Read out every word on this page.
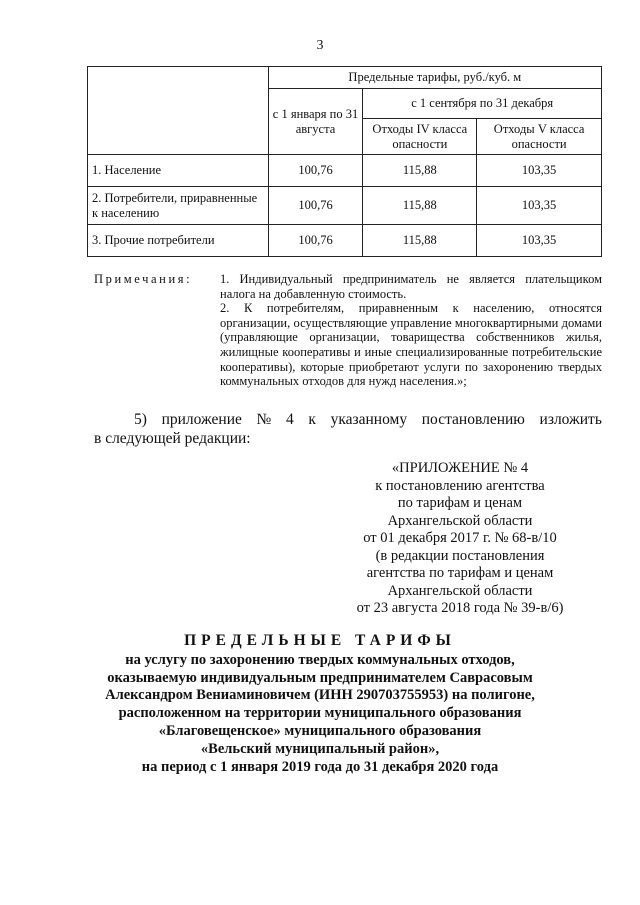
3
	Предельные тарифы, руб./куб. м		
	с 1 января по 31 августа	с 1 сентября по 31 декабря	
		Отходы IV класса опасности	Отходы V класса опасности
1. Население	100,76	115,88	103,35
2. Потребители, приравненные к населению	100,76	115,88	103,35
3. Прочие потребители	100,76	115,88	103,35
Примечания: 1. Индивидуальный предприниматель не является плательщиком налога на добавленную стоимость.

2. К потребителям, приравненным к населению, относятся организации, осуществляющие управление многоквартирными домами (управляющие организации, товарищества собственников жилья, жилищные кооперативы и иные специализированные потребительские кооперативы), которые приобретают услуги по захоронению твердых коммунальных отходов для нужд населения.»;

5) приложение № 4 к указанному постановлению изложить
в следующей редакции:
«ПРИЛОЖЕНИЕ № 4
к постановлению агентства
по тарифам и ценам
Архангельской области
от 01 декабря 2017 г. № 68-в/10
(в редакции постановления
агентства по тарифам и ценам
Архангельской области
от 23 августа 2018 года № 39-в/6)
ПРЕДЕЛЬНЫЕ ТАРИФЫ
на услугу по захоронению твердых коммунальных отходов,
оказываемую индивидуальным предпринимателем Саврасовым
Александром Вениаминовичем (ИНН 290703755953) на полигоне,
расположенном на территории муниципального образования
«Благовещенское» муниципального образования
«Вельский муниципальный район»,
на период с 1 января 2019 года до 31 декабря 2020 года
